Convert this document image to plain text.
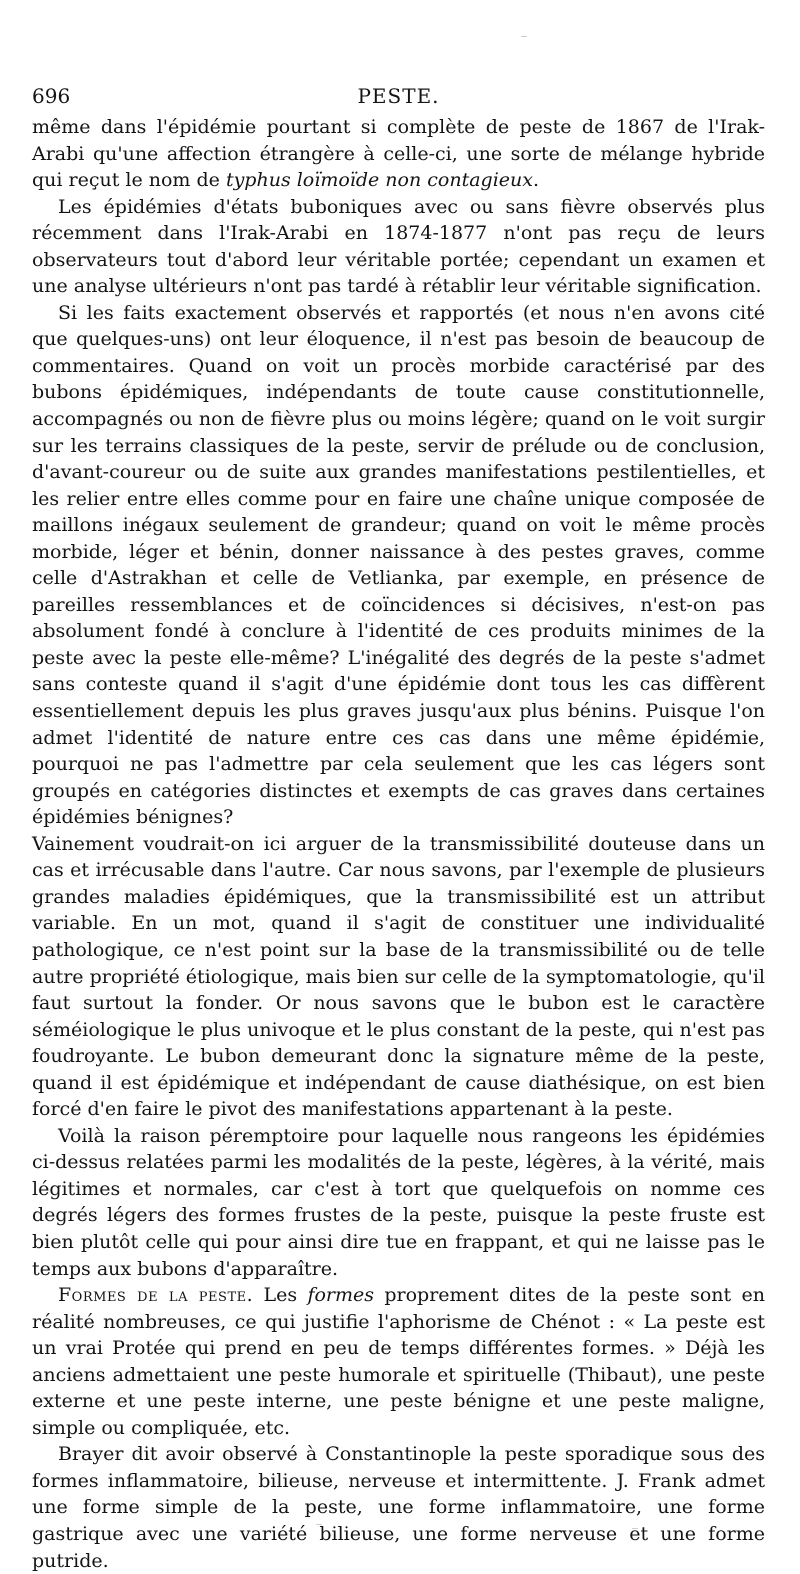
696	PESTE.

même dans l'épidémie pourtant si complète de peste de 1867 de l'Irak-Arabi qu'une affection étrangère à celle-ci, une sorte de mélange hybride qui reçut le nom de typhus loïmoïde non contagieux.

Les épidémies d'états buboniques avec ou sans fièvre observés plus récemment dans l'Irak-Arabi en 1874-1877 n'ont pas reçu de leurs observateurs tout d'abord leur véritable portée; cependant un examen et une analyse ultérieurs n'ont pas tardé à rétablir leur véritable signification.

Si les faits exactement observés et rapportés (et nous n'en avons cité que quelques-uns) ont leur éloquence, il n'est pas besoin de beaucoup de commentaires. Quand on voit un procès morbide caractérisé par des bubons épidémiques, indépendants de toute cause constitutionnelle, accompagnés ou non de fièvre plus ou moins légère; quand on le voit surgir sur les terrains classiques de la peste, servir de prélude ou de conclusion, d'avant-coureur ou de suite aux grandes manifestations pestilentielles, et les relier entre elles comme pour en faire une chaîne unique composée de maillons inégaux seulement de grandeur; quand on voit le même procès morbide, léger et bénin, donner naissance à des pestes graves, comme celle d'Astrakhan et celle de Vetlianka, par exemple, en présence de pareilles ressemblances et de coïncidences si décisives, n'est-on pas absolument fondé à conclure à l'identité de ces produits minimes de la peste avec la peste elle-même? L'inégalité des degrés de la peste s'admet sans conteste quand il s'agit d'une épidémie dont tous les cas diffèrent essentiellement depuis les plus graves jusqu'aux plus bénins. Puisque l'on admet l'identité de nature entre ces cas dans une même épidémie, pourquoi ne pas l'admettre par cela seulement que les cas légers sont groupés en catégories distinctes et exempts de cas graves dans certaines épidémies bénignes?

Vainement voudrait-on ici arguer de la transmissibilité douteuse dans un cas et irrécusable dans l'autre. Car nous savons, par l'exemple de plusieurs grandes maladies épidémiques, que la transmissibilité est un attribut variable. En un mot, quand il s'agit de constituer une individualité pathologique, ce n'est point sur la base de la transmissibilité ou de telle autre propriété étiologique, mais bien sur celle de la symptomatologie, qu'il faut surtout la fonder. Or nous savons que le bubon est le caractère séméiologique le plus univoque et le plus constant de la peste, qui n'est pas foudroyante. Le bubon demeurant donc la signature même de la peste, quand il est épidémique et indépendant de cause diathésique, on est bien forcé d'en faire le pivot des manifestations appartenant à la peste.

Voilà la raison péremptoire pour laquelle nous rangeons les épidémies ci-dessus relatées parmi les modalités de la peste, légères, à la vérité, mais légitimes et normales, car c'est à tort que quelquefois on nomme ces degrés légers des formes frustes de la peste, puisque la peste fruste est bien plutôt celle qui pour ainsi dire tue en frappant, et qui ne laisse pas le temps aux bubons d'apparaître.

Formes de la peste. Les formes proprement dites de la peste sont en réalité nombreuses, ce qui justifie l'aphorisme de Chénot : « La peste est un vrai Protée qui prend en peu de temps différentes formes. » Déjà les anciens admettaient une peste humorale et spirituelle (Thibaut), une peste externe et une peste interne, une peste bénigne et une peste maligne, simple ou compliquée, etc.

Brayer dit avoir observé à Constantinople la peste sporadique sous des formes inflammatoire, bilieuse, nerveuse et intermittente. J. Frank admet une forme simple de la peste, une forme inflammatoire, une forme gastrique avec une variété bilieuse, une forme nerveuse et une forme putride.
